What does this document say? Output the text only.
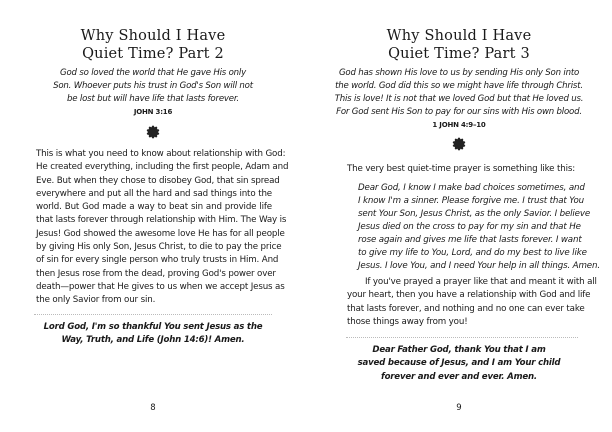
Why Should I Have
Quiet Time? Part 2
God so loved the world that He gave His only
Son. Whoever puts his trust in God's Son will not
be lost but will have life that lasts forever.
JOHN 3:16
This is what you need to know about relationship with God:
He created everything, including the first people, Adam and
Eve. But when they chose to disobey God, that sin spread
everywhere and put all the hard and sad things into the
world. But God made a way to beat sin and provide life
that lasts forever through relationship with Him. The Way is
Jesus! God showed the awesome love He has for all people
by giving His only Son, Jesus Christ, to die to pay the price
of sin for every single person who truly trusts in Him. And
then Jesus rose from the dead, proving God's power over
death—power that He gives to us when we accept Jesus as
the only Savior from our sin.
Lord God, I'm so thankful You sent Jesus as the
Way, Truth, and Life (John 14:6)! Amen.
8
Why Should I Have
Quiet Time? Part 3
God has shown His love to us by sending His only Son into
the world. God did this so we might have life through Christ.
This is love! It is not that we loved God but that He loved us.
For God sent His Son to pay for our sins with His own blood.
1 JOHN 4:9–10
The very best quiet-time prayer is something like this:
Dear God, I know I make bad choices sometimes, and
I know I'm a sinner. Please forgive me. I trust that You
sent Your Son, Jesus Christ, as the only Savior. I believe
Jesus died on the cross to pay for my sin and that He
rose again and gives me life that lasts forever. I want
to give my life to You, Lord, and do my best to live like
Jesus. I love You, and I need Your help in all things. Amen.
If you've prayed a prayer like that and meant it with all
your heart, then you have a relationship with God and life
that lasts forever, and nothing and no one can ever take
those things away from you!
Dear Father God, thank You that I am
saved because of Jesus, and I am Your child
forever and ever and ever. Amen.
9
